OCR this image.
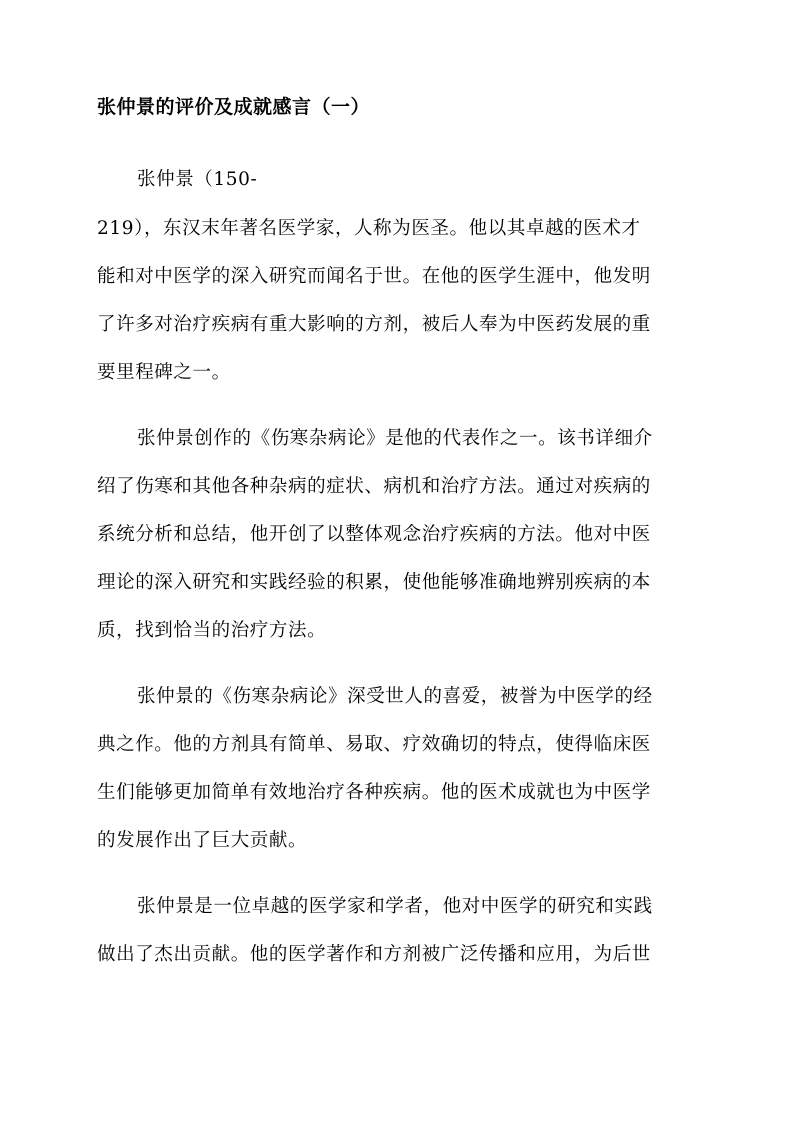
张仲景的评价及成就感言（一）
张仲景（150-
219），东汉末年著名医学家，人称为医圣。他以其卓越的医术才
能和对中医学的深入研究而闻名于世。在他的医学生涯中，他发明
了许多对治疗疾病有重大影响的方剂，被后人奉为中医药发展的重
要里程碑之一。
张仲景创作的《伤寒杂病论》是他的代表作之一。该书详细介
绍了伤寒和其他各种杂病的症状、病机和治疗方法。通过对疾病的
系统分析和总结，他开创了以整体观念治疗疾病的方法。他对中医
理论的深入研究和实践经验的积累，使他能够准确地辨别疾病的本
质，找到恰当的治疗方法。
张仲景的《伤寒杂病论》深受世人的喜爱，被誉为中医学的经
典之作。他的方剂具有简单、易取、疗效确切的特点，使得临床医
生们能够更加简单有效地治疗各种疾病。他的医术成就也为中医学
的发展作出了巨大贡献。
张仲景是一位卓越的医学家和学者，他对中医学的研究和实践
做出了杰出贡献。他的医学著作和方剂被广泛传播和应用，为后世
